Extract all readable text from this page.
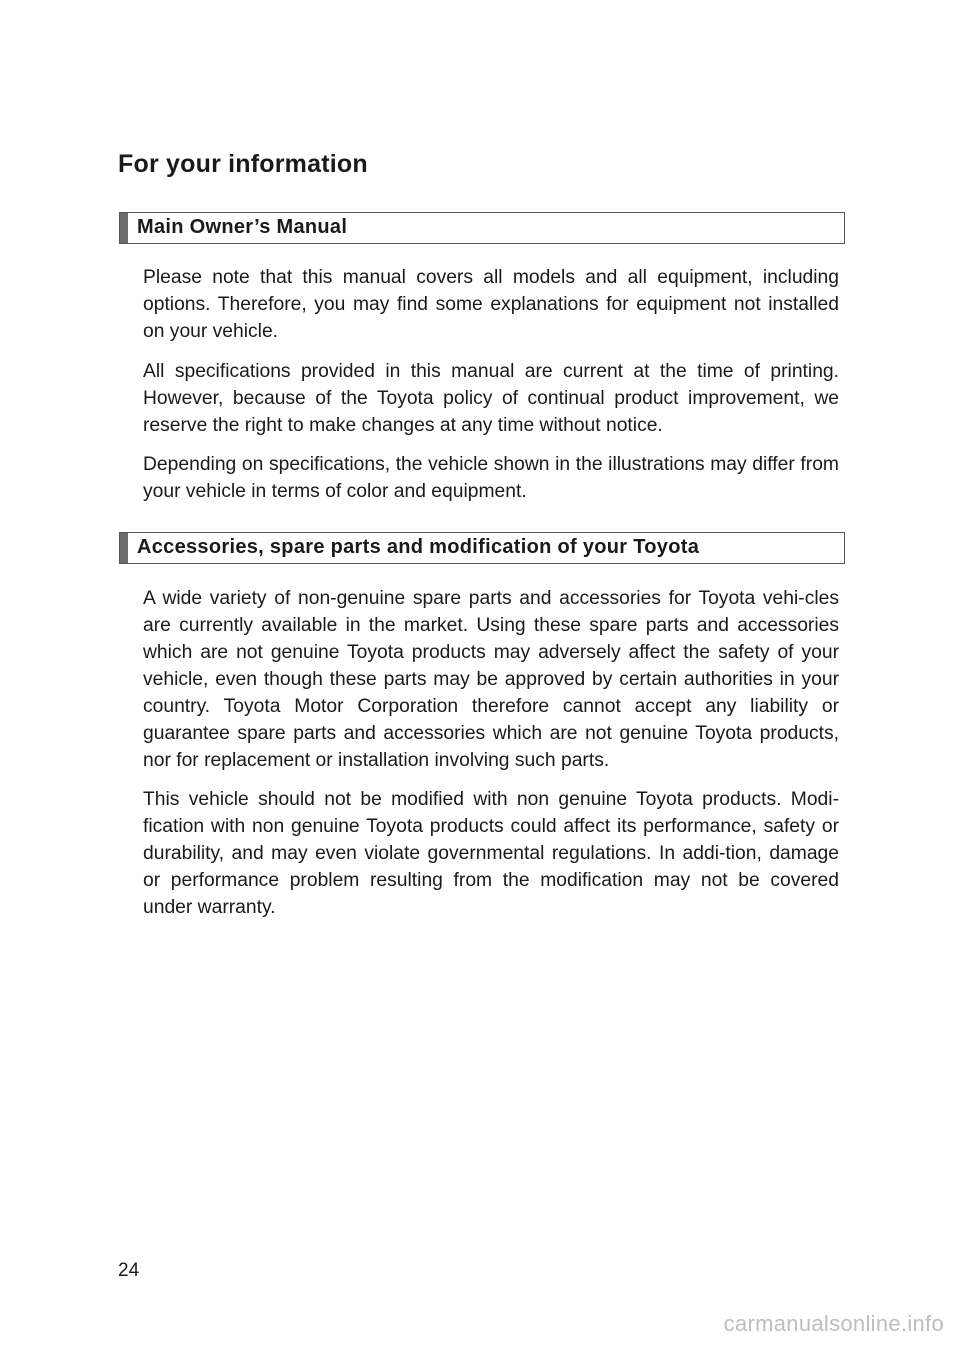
For your information
Main Owner’s Manual

Please note that this manual covers all models and all equipment, including options. Therefore, you may find some explanations for equipment not installed on your vehicle.

All specifications provided in this manual are current at the time of printing. However, because of the Toyota policy of continual product improvement, we reserve the right to make changes at any time without notice.

Depending on specifications, the vehicle shown in the illustrations may differ from your vehicle in terms of color and equipment.

Accessories, spare parts and modification of your Toyota

A wide variety of non-genuine spare parts and accessories for Toyota vehi-cles are currently available in the market. Using these spare parts and accessories which are not genuine Toyota products may adversely affect the safety of your vehicle, even though these parts may be approved by certain authorities in your country. Toyota Motor Corporation therefore cannot accept any liability or guarantee spare parts and accessories which are not genuine Toyota products, nor for replacement or installation involving such parts.

This vehicle should not be modified with non genuine Toyota products. Modi-fication with non genuine Toyota products could affect its performance, safety or durability, and may even violate governmental regulations. In addi-tion, damage or performance problem resulting from the modification may not be covered under warranty.

24
carmanualsonline.info
